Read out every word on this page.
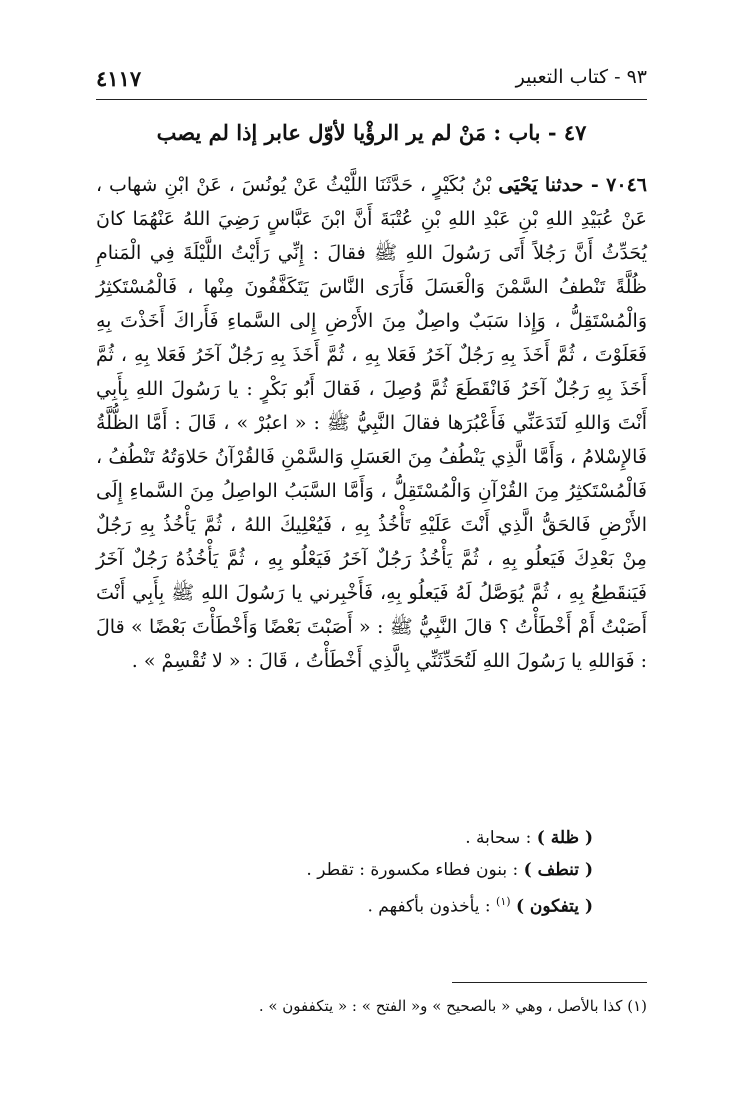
٩٣ - كتاب التعبير
٤١١٧
٤٧ - باب : مَنْ لم ير الرؤْيا لأوّل عابر إذا لم يصب

٧٠٤٦ - حدثنا يَحْيَى بْنُ بُكَيْرٍ ، حَدَّثَنَا اللَّيْثُ عَنْ يُونُسَ ، عَنْ ابْنِ شهاب ، عَنْ عُبَيْدِ اللهِ بْنِ عَبْدِ اللهِ بْنِ عُتْبَةَ أَنَّ ابْنَ عَبَّاسٍ رَضِيَ اللهُ عَنْهُمَا كانَ يُحَدِّثُ أَنَّ رَجُلاً أَتَى رَسُولَ اللهِ ﷺ فقالَ : إِنِّي رَأَيْتُ اللَّيْلَةَ فِي الْمَنامِ ظُلَّةً تَنْطفُ السَّمْنَ وَالْعَسَلَ فَأَرَى النَّاسَ يَتَكَفَّفُونَ مِنْها ، فَالْمُسْتَكثِرُ وَالْمُسْتَقِلُّ ، وَإِذا سَبَبٌ واصِلٌ مِنَ الأَرْضِ إِلى السَّماءِ فَأَراكَ أَخَذْتَ بِهِ فَعَلَوْتَ ، ثُمَّ أَخَذَ بِهِ رَجُلٌ آخَرُ فَعَلا بِهِ ، ثُمَّ أَخَذَ بِهِ رَجُلٌ آخَرُ فَعَلا بِهِ ، ثُمَّ أَخَذَ بِهِ رَجُلٌ آخَرُ فَانْقَطَعَ ثُمَّ وُصِلَ ، فَقالَ أَبُو بَكْرٍ : يا رَسُولَ اللهِ بِأَبِي أَنْتَ وَاللهِ لَتَدَعَنِّي فَأَعْبُرَها فقالَ النَّبِيُّ ﷺ : « اعبُرْ » ، قَالَ : أَمَّا الظُّلَّةُ فَالإِسْلامُ ، وَأَمَّا الَّذِي يَنْطُفُ مِنَ العَسَلِ وَالسَّمْنِ فَالقُرْآنُ حَلاوَتُهُ تَنْطُفُ ، فَالْمُسْتَكثِرُ مِنَ القُرْآنِ وَالْمُسْتَقِلُّ ، وَأَمَّا السَّبَبُ الواصِلُ مِنَ السَّماءِ إِلَى الأَرْضِ فَالحَقُّ الَّذِي أَنْتَ عَلَيْهِ تَأْخُذُ بِهِ ، فَيُعْلِيكَ اللهُ ، ثُمَّ يَأْخُذُ بِهِ رَجُلٌ مِنْ بَعْدِكَ فَيَعلُو بِهِ ، ثُمَّ يَأْخُذُ رَجُلٌ آخَرُ فَيَعْلُو بِهِ ، ثُمَّ يَأْخُذُهُ رَجُلٌ آخَرُ فَيَنقَطِعُ بِهِ ، ثُمَّ يُوَصَّلُ لَهُ فَيَعلُو بِهِ، فَأَخْبِرني يا رَسُولَ اللهِ ﷺ بِأَبِي أَنْتَ أَصَبْتُ أَمْ أَخْطَأْتُ ؟ قالَ النَّبِيُّ ﷺ : « أَصَبْتَ بَعْضًا وَأَخْطَأْتَ بَعْضًا » قالَ : فَوَاللهِ يا رَسُولَ اللهِ لَتُحَدِّثَنِّي بِالَّذِي أَخْطَأْتُ ، قَالَ : « لا تُقْسِمْ » .

( ظلة ) : سحابة .
( تنطف ) : بنون فطاء مكسورة : تقطر .
( يتفكون ) $^{(١)}$ : يأخذون بأكفهم .
(١) كذا بالأصل ، وهي « بالصحيح » و« الفتح » : « يتكففون » .
